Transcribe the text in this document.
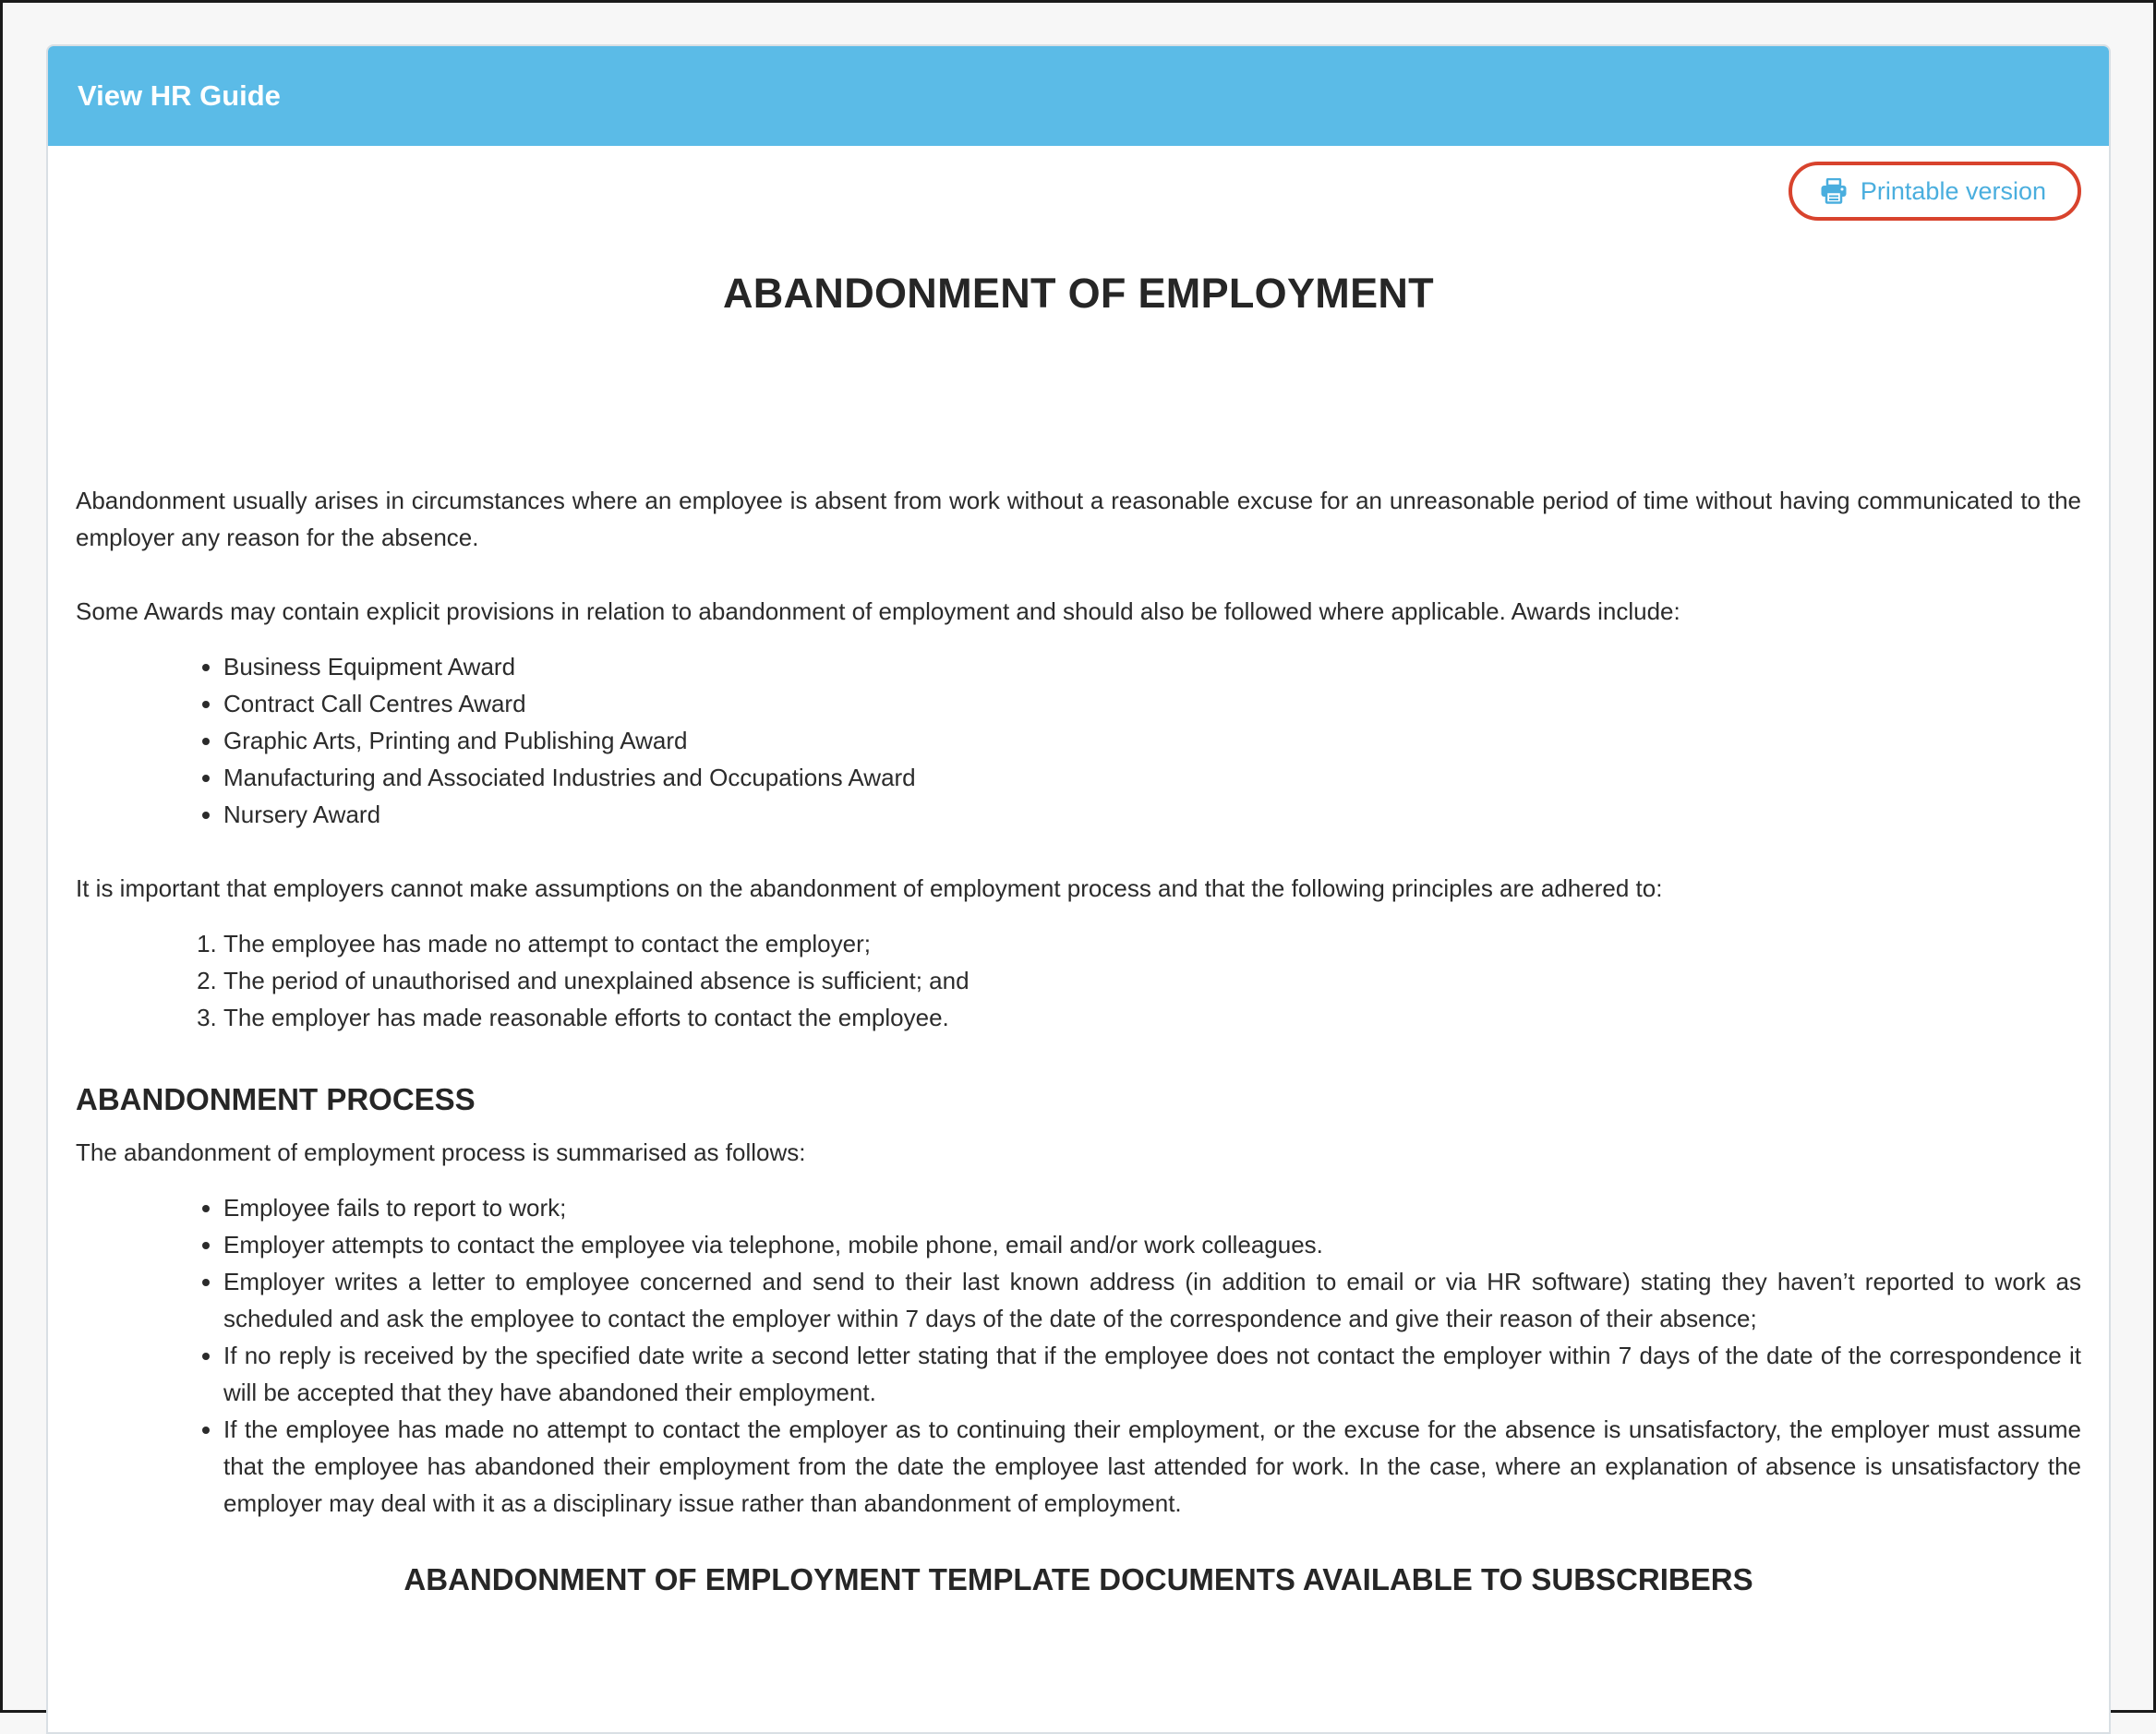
View HR Guide
Printable version
ABANDONMENT OF EMPLOYMENT

Abandonment usually arises in circumstances where an employee is absent from work without a reasonable excuse for an unreasonable period of time without having communicated to the employer any reason for the absence.

Some Awards may contain explicit provisions in relation to abandonment of employment and should also be followed where applicable. Awards include:

• Business Equipment Award
• Contract Call Centres Award
• Graphic Arts, Printing and Publishing Award
• Manufacturing and Associated Industries and Occupations Award
• Nursery Award

It is important that employers cannot make assumptions on the abandonment of employment process and that the following principles are adhered to:

1. The employee has made no attempt to contact the employer;
2. The period of unauthorised and unexplained absence is sufficient; and
3. The employer has made reasonable efforts to contact the employee.
ABANDONMENT PROCESS

The abandonment of employment process is summarised as follows:

• Employee fails to report to work;
• Employer attempts to contact the employee via telephone, mobile phone, email and/or work colleagues.
• Employer writes a letter to employee concerned and send to their last known address (in addition to email or via HR software) stating they haven’t reported to work as scheduled and ask the employee to contact the employer within 7 days of the date of the correspondence and give their reason of their absence;
• If no reply is received by the specified date write a second letter stating that if the employee does not contact the employer within 7 days of the date of the correspondence it will be accepted that they have abandoned their employment.
• If the employee has made no attempt to contact the employer as to continuing their employment, or the excuse for the absence is unsatisfactory, the employer must assume that the employee has abandoned their employment from the date the employee last attended for work. In the case, where an explanation of absence is unsatisfactory the employer may deal with it as a disciplinary issue rather than abandonment of employment.
ABANDONMENT OF EMPLOYMENT TEMPLATE DOCUMENTS AVAILABLE TO SUBSCRIBERS
